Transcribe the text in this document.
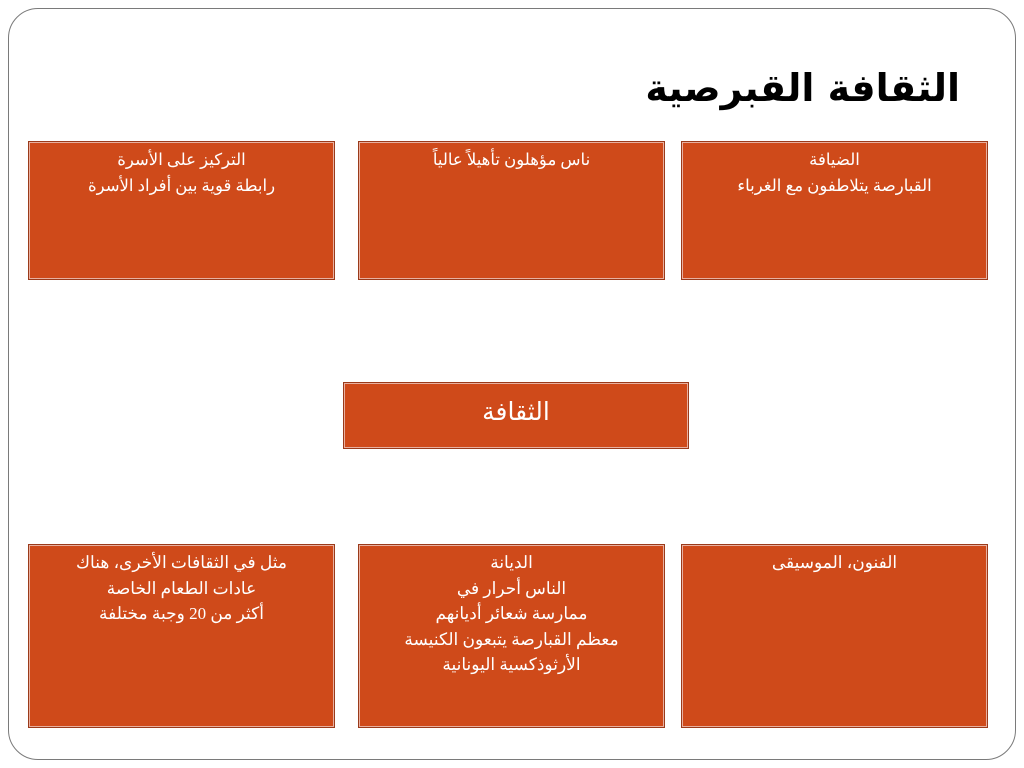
الثقافة القبرصية
التركيز على الأسرة
رابطة قوية بين أفراد الأسرة
ناس مؤهلون تأهيلاً عالياً	الضيافة
القبارصة يتلاطفون مع الغرباء
الثقافة
مثل في الثقافات الأخرى، هناك
عادات الطعام الخاصة
أكثر من 20 وجبة مختلفة
الديانة
الناس أحرار في
ممارسة شعائر أديانهم
معظم القبارصة يتبعون الكنيسة
الأرثوذكسية اليونانية
الفنون، الموسيقى
